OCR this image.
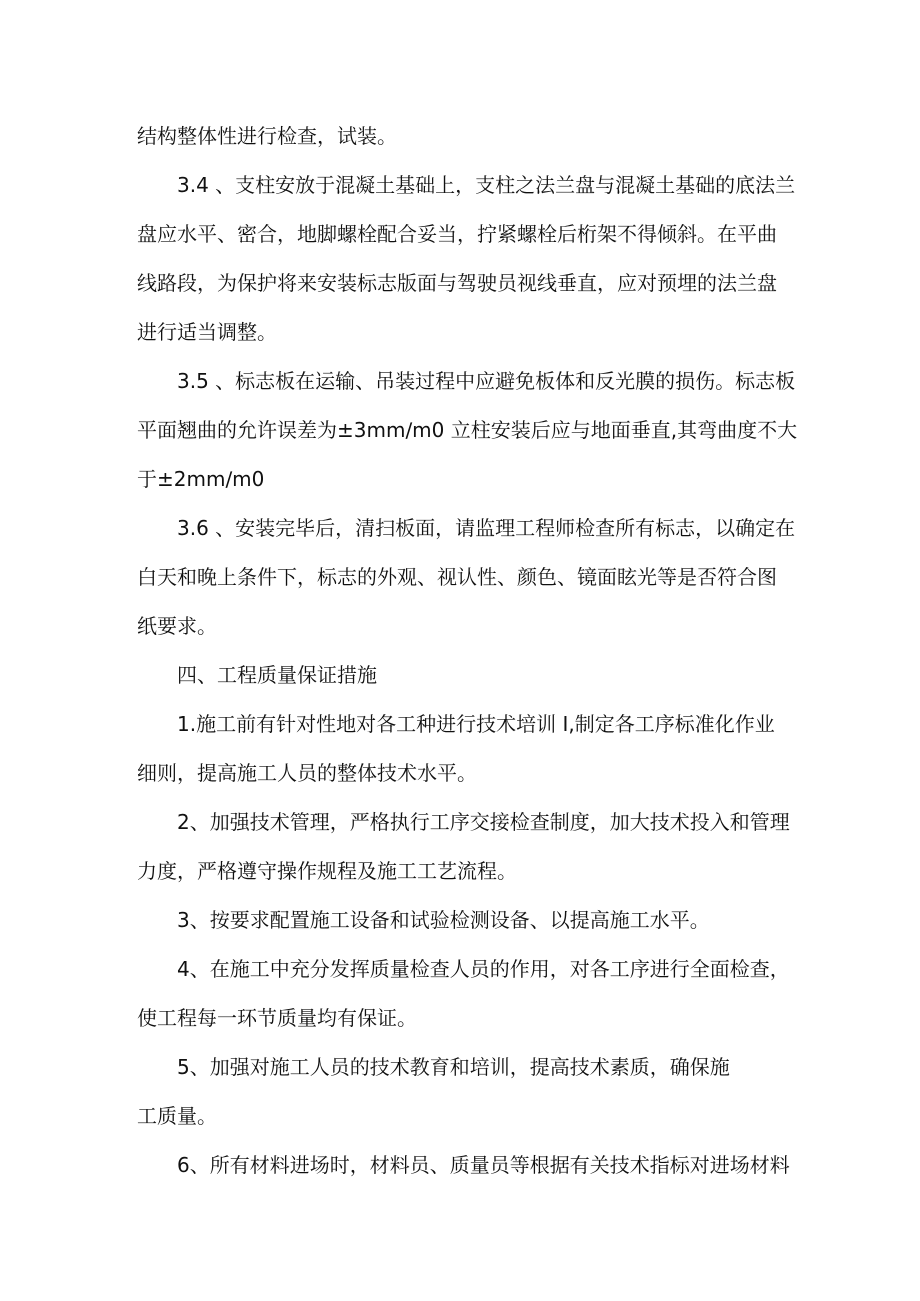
结构整体性进行检查，试装。
3.4 、支柱安放于混凝土基础上，支柱之法兰盘与混凝土基础的底法兰
盘应水平、密合，地脚螺栓配合妥当，拧紧螺栓后桁架不得倾斜。在平曲
线路段，为保护将来安装标志版面与驾驶员视线垂直，应对预埋的法兰盘
进行适当调整。
3.5 、标志板在运输、吊装过程中应避免板体和反光膜的损伤。标志板
平面翘曲的允许误差为±3mm∕m0 立柱安装后应与地面垂直,其弯曲度不大
于±2mm∕m0
3.6 、安装完毕后，清扫板面，请监理工程师检查所有标志，以确定在
白天和晚上条件下，标志的外观、视认性、颜色、镜面眩光等是否符合图
纸要求。
四、工程质量保证措施
1.施工前有针对性地对各工种进行技术培训 I,制定各工序标准化作业
细则，提高施工人员的整体技术水平。
2、加强技术管理，严格执行工序交接检查制度，加大技术投入和管理
力度，严格遵守操作规程及施工工艺流程。
3、按要求配置施工设备和试验检测设备、以提高施工水平。
4、在施工中充分发挥质量检查人员的作用，对各工序进行全面检查，
使工程每一环节质量均有保证。
5、加强对施工人员的技术教育和培训，提高技术素质，确保施
工质量。
6、所有材料进场时，材料员、质量员等根据有关技术指标对进场材料
